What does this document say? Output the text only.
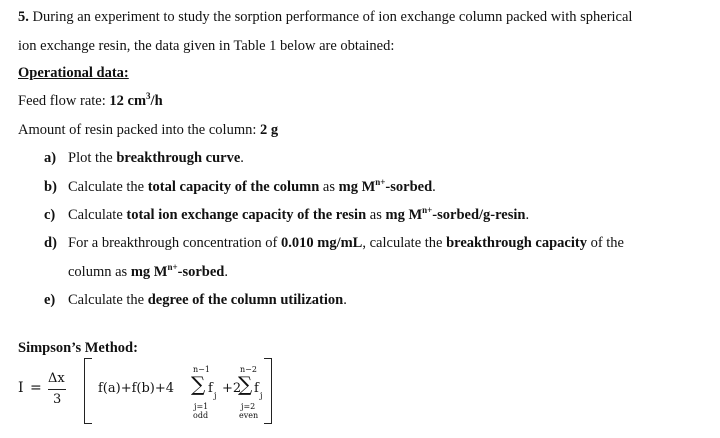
5. During an experiment to study the sorption performance of ion exchange column packed with spherical
ion exchange resin, the data given in Table 1 below are obtained:
Operational data:
Feed flow rate: 12 $cm^3/h$
Amount of resin packed into the column: 2 g
a) Plot the breakthrough curve.
b) Calculate the total capacity of the column as mg $M^{n+}$-sorbed.
c) Calculate total ion exchange capacity of the resin as mg $M^{n+}-sorbed/g$-resin.
d) For a breakthrough concentration of 0.010 mg/mL, calculate the breakthrough capacity of the
column as mg $M^{n+}$-sorbed.
e) Calculate the degree of the column utilization.
Simpson’s Method:
I =
Δx
3
f(a)+f(b)+4
n−1
∑
j=1
odd
f j +2
n−2
∑
j=2
even
f j
